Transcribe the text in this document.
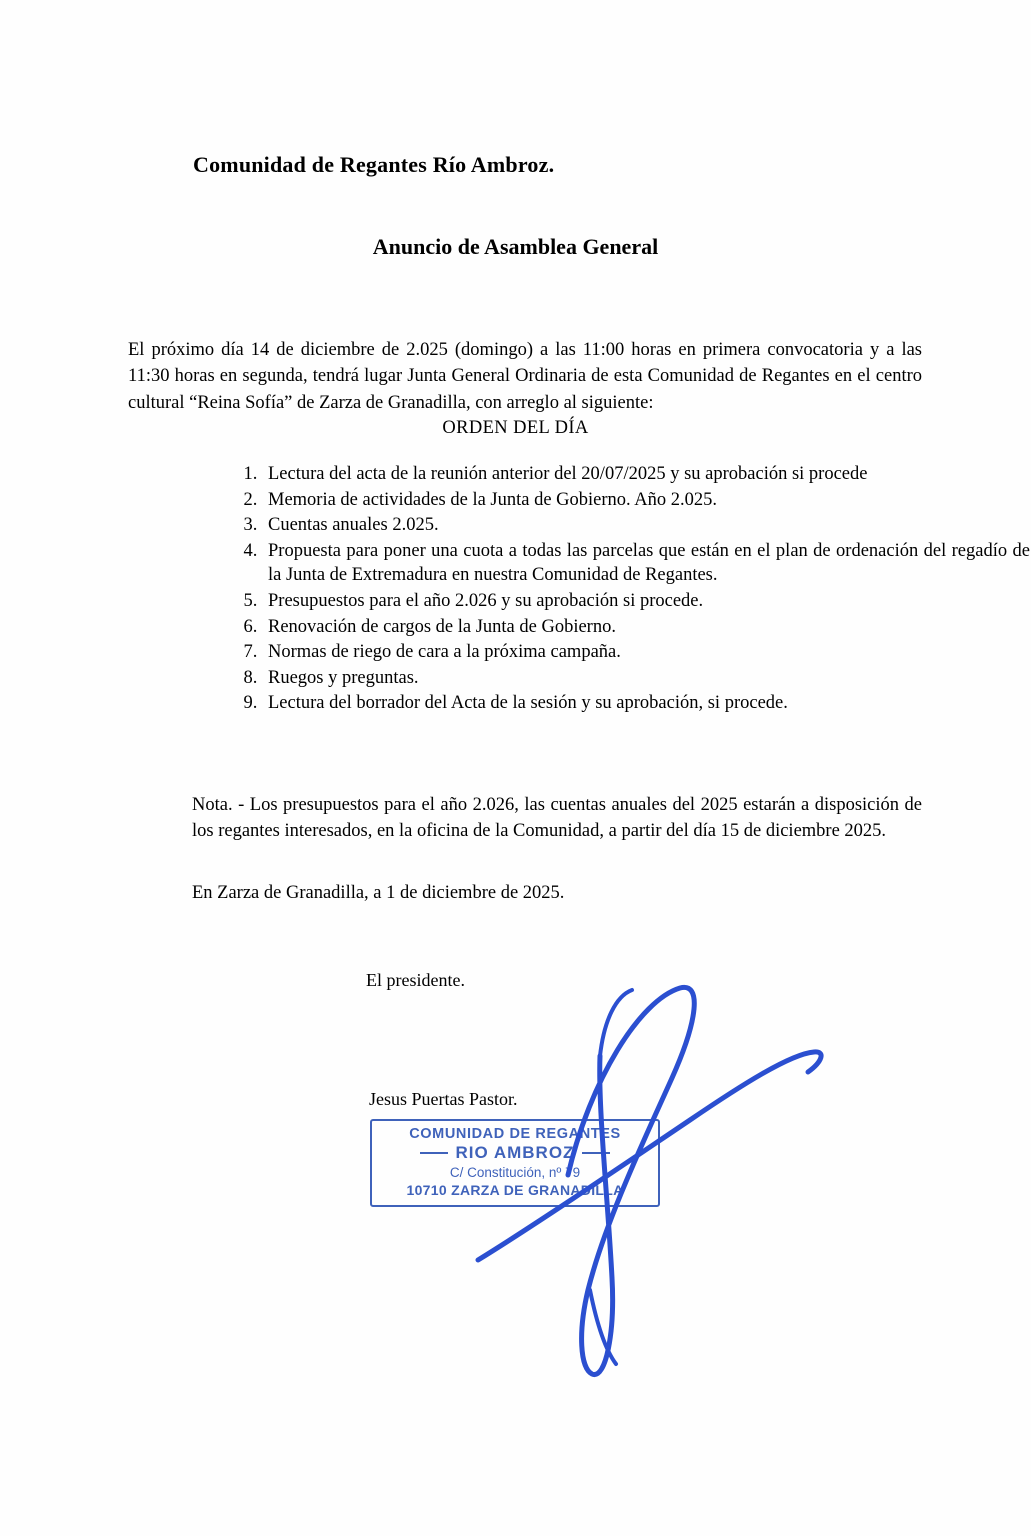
Comunidad de Regantes Río Ambroz.
Anuncio de Asamblea General

El próximo día 14 de diciembre de 2.025 (domingo) a las 11:00 horas en primera convocatoria y a las 11:30 horas en segunda, tendrá lugar Junta General Ordinaria de esta Comunidad de Regantes en el centro cultural “Reina Sofía” de Zarza de Granadilla, con arreglo al siguiente:

ORDEN DEL DÍA
1. Lectura del acta de la reunión anterior del 20/07/2025 y su aprobación si procede
2. Memoria de actividades de la Junta de Gobierno. Año 2.025.
3. Cuentas anuales 2.025.
4. Propuesta para poner una cuota a todas las parcelas que están en el plan de ordenación del regadío de la Junta de Extremadura en nuestra Comunidad de Regantes.
5. Presupuestos para el año 2.026 y su aprobación si procede.
6. Renovación de cargos de la Junta de Gobierno.
7. Normas de riego de cara a la próxima campaña.
8. Ruegos y preguntas.
9. Lectura del borrador del Acta de la sesión y su aprobación, si procede.

Nota. - Los presupuestos para el año 2.026, las cuentas anuales del 2025 estarán a disposición de los regantes interesados, en la oficina de la Comunidad, a partir del día 15 de diciembre 2025.

En Zarza de Granadilla, a 1 de diciembre de 2025.

El presidente.
Jesus Puertas Pastor.
COMUNIDAD DE REGANTES
RIO AMBROZ
C/ Constitución, nº 79
10710 ZARZA DE GRANADILLA
